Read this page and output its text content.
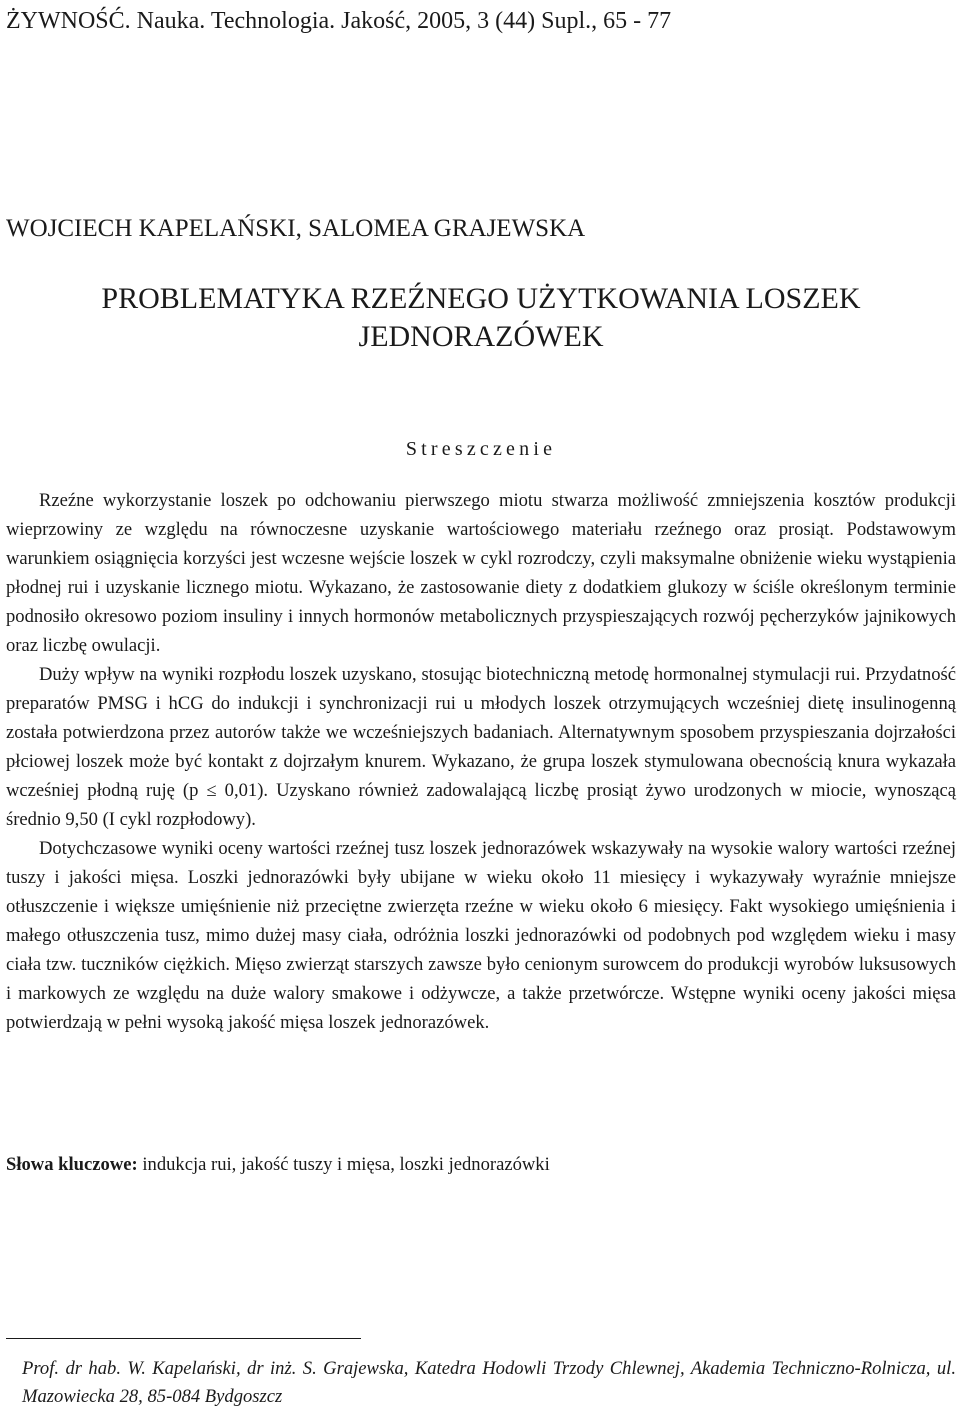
ŻYWNOŚĆ. Nauka. Technologia. Jakość, 2005, 3 (44) Supl., 65 - 77
WOJCIECH KAPELAŃSKI, SALOMEA GRAJEWSKA
PROBLEMATYKA RZEŹNEGO UŻYTKOWANIA LOSZEK
JEDNORAZÓWEK
Streszczenie

Rzeźne wykorzystanie loszek po odchowaniu pierwszego miotu stwarza możliwość zmniejszenia kosztów produkcji wieprzowiny ze względu na równoczesne uzyskanie wartościowego materiału rzeźnego oraz prosiąt. Podstawowym warunkiem osiągnięcia korzyści jest wczesne wejście loszek w cykl rozrodczy, czyli maksymalne obniżenie wieku wystąpienia płodnej rui i uzyskanie licznego miotu. Wykazano, że zastosowanie diety z dodatkiem glukozy w ściśle określonym terminie podnosiło okresowo poziom insuliny i innych hormonów metabolicznych przyspieszających rozwój pęcherzyków jajnikowych oraz liczbę owulacji.

Duży wpływ na wyniki rozpłodu loszek uzyskano, stosując biotechniczną metodę hormonalnej stymulacji rui. Przydatność preparatów PMSG i hCG do indukcji i synchronizacji rui u młodych loszek otrzymujących wcześniej dietę insulinogenną została potwierdzona przez autorów także we wcześniejszych badaniach. Alternatywnym sposobem przyspieszania dojrzałości płciowej loszek może być kontakt z dojrzałym knurem. Wykazano, że grupa loszek stymulowana obecnością knura wykazała wcześniej płodną ruję (p ≤ 0,01). Uzyskano również zadowalającą liczbę prosiąt żywo urodzonych w miocie, wynoszącą średnio 9,50 (I cykl rozpłodowy).

Dotychczasowe wyniki oceny wartości rzeźnej tusz loszek jednorazówek wskazywały na wysokie walory wartości rzeźnej tuszy i jakości mięsa. Loszki jednorazówki były ubijane w wieku około 11 miesięcy i wykazywały wyraźnie mniejsze otłuszczenie i większe umięśnienie niż przeciętne zwierzęta rzeźne w wieku około 6 miesięcy. Fakt wysokiego umięśnienia i małego otłuszczenia tusz, mimo dużej masy ciała, odróżnia loszki jednorazówki od podobnych pod względem wieku i masy ciała tzw. tuczników ciężkich. Mięso zwierząt starszych zawsze było cenionym surowcem do produkcji wyrobów luksusowych i markowych ze względu na duże walory smakowe i odżywcze, a także przetwórcze. Wstępne wyniki oceny jakości mięsa potwierdzają w pełni wysoką jakość mięsa loszek jednorazówek.

Słowa kluczowe: indukcja rui, jakość tuszy i mięsa, loszki jednorazówki
Prof. dr hab. W. Kapelański, dr inż. S. Grajewska, Katedra Hodowli Trzody Chlewnej, Akademia Techniczno-Rolnicza, ul. Mazowiecka 28, 85-084 Bydgoszcz
